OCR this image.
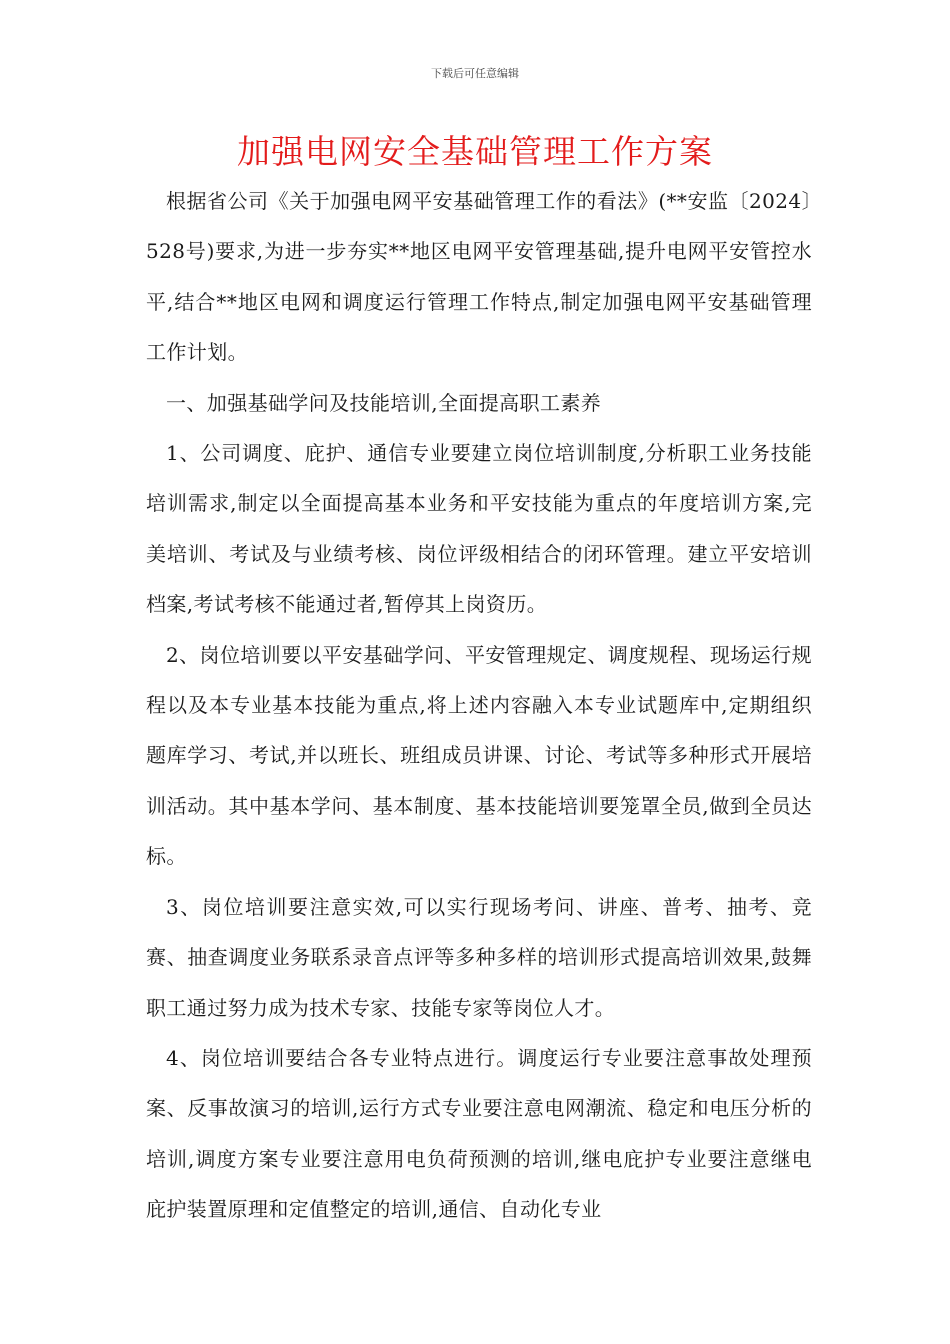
下载后可任意编辑
加强电网安全基础管理工作方案

根据省公司《关于加强电网平安基础管理工作的看法》(**安监〔2024〕528号)要求,为进一步夯实**地区电网平安管理基础,提升电网平安管控水平,结合**地区电网和调度运行管理工作特点,制定加强电网平安基础管理工作计划。

一、加强基础学问及技能培训,全面提高职工素养

1、公司调度、庇护、通信专业要建立岗位培训制度,分析职工业务技能培训需求,制定以全面提高基本业务和平安技能为重点的年度培训方案,完美培训、考试及与业绩考核、岗位评级相结合的闭环管理。建立平安培训档案,考试考核不能通过者,暂停其上岗资历。

2、岗位培训要以平安基础学问、平安管理规定、调度规程、现场运行规程以及本专业基本技能为重点,将上述内容融入本专业试题库中,定期组织题库学习、考试,并以班长、班组成员讲课、讨论、考试等多种形式开展培训活动。其中基本学问、基本制度、基本技能培训要笼罩全员,做到全员达标。

3、岗位培训要注意实效,可以实行现场考问、讲座、普考、抽考、竞赛、抽查调度业务联系录音点评等多种多样的培训形式提高培训效果,鼓舞职工通过努力成为技术专家、技能专家等岗位人才。

4、岗位培训要结合各专业特点进行。调度运行专业要注意事故处理预案、反事故演习的培训,运行方式专业要注意电网潮流、稳定和电压分析的培训,调度方案专业要注意用电负荷预测的培训,继电庇护专业要注意继电庇护装置原理和定值整定的培训,通信、自动化专业
